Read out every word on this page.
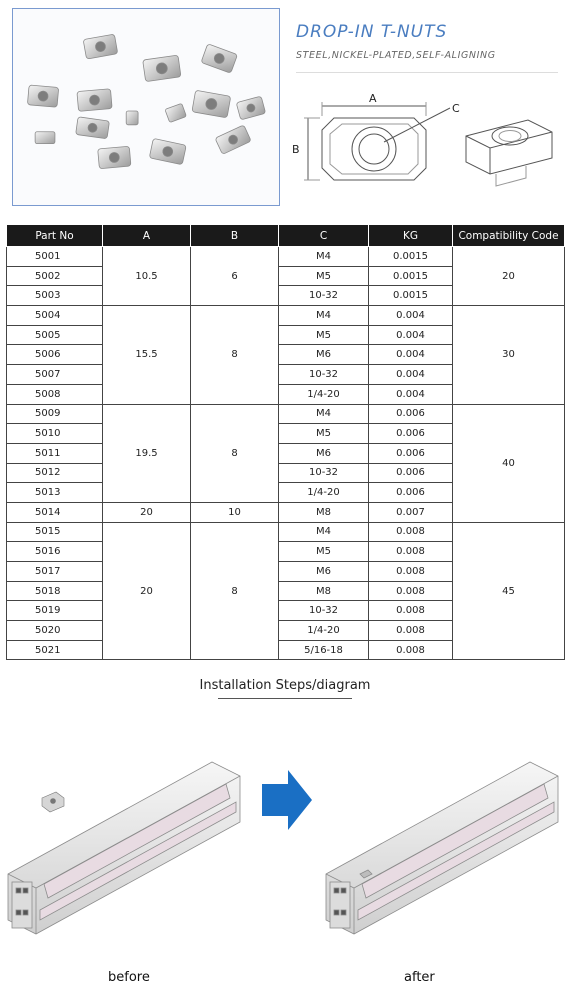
DROP-IN T-NUTS
STEEL,NICKEL-PLATED,SELF-ALIGNING
A
B
C
Part No	A	B	C	KG	Compatibility Code
5001	10.5	6	M4	0.0015	20
5002			M5	0.0015	
5003			10-32	0.0015	
5004	15.5	8	M4	0.004	30
5005			M5	0.004	
5006			M6	0.004	
5007			10-32	0.004	
5008			1/4-20	0.004	
5009	19.5	8	M4	0.006	40
5010			M5	0.006	
5011			M6	0.006	
5012			10-32	0.006	
5013			1/4-20	0.006	
5014	20	10	M8	0.007	
5015	20	8	M4	0.008	45
5016			M5	0.008	
5017			M6	0.008	
5018			M8	0.008	
5019			10-32	0.008	
5020			1/4-20	0.008	
5021			5/16-18	0.008	
Installation Steps/diagram
before	after
